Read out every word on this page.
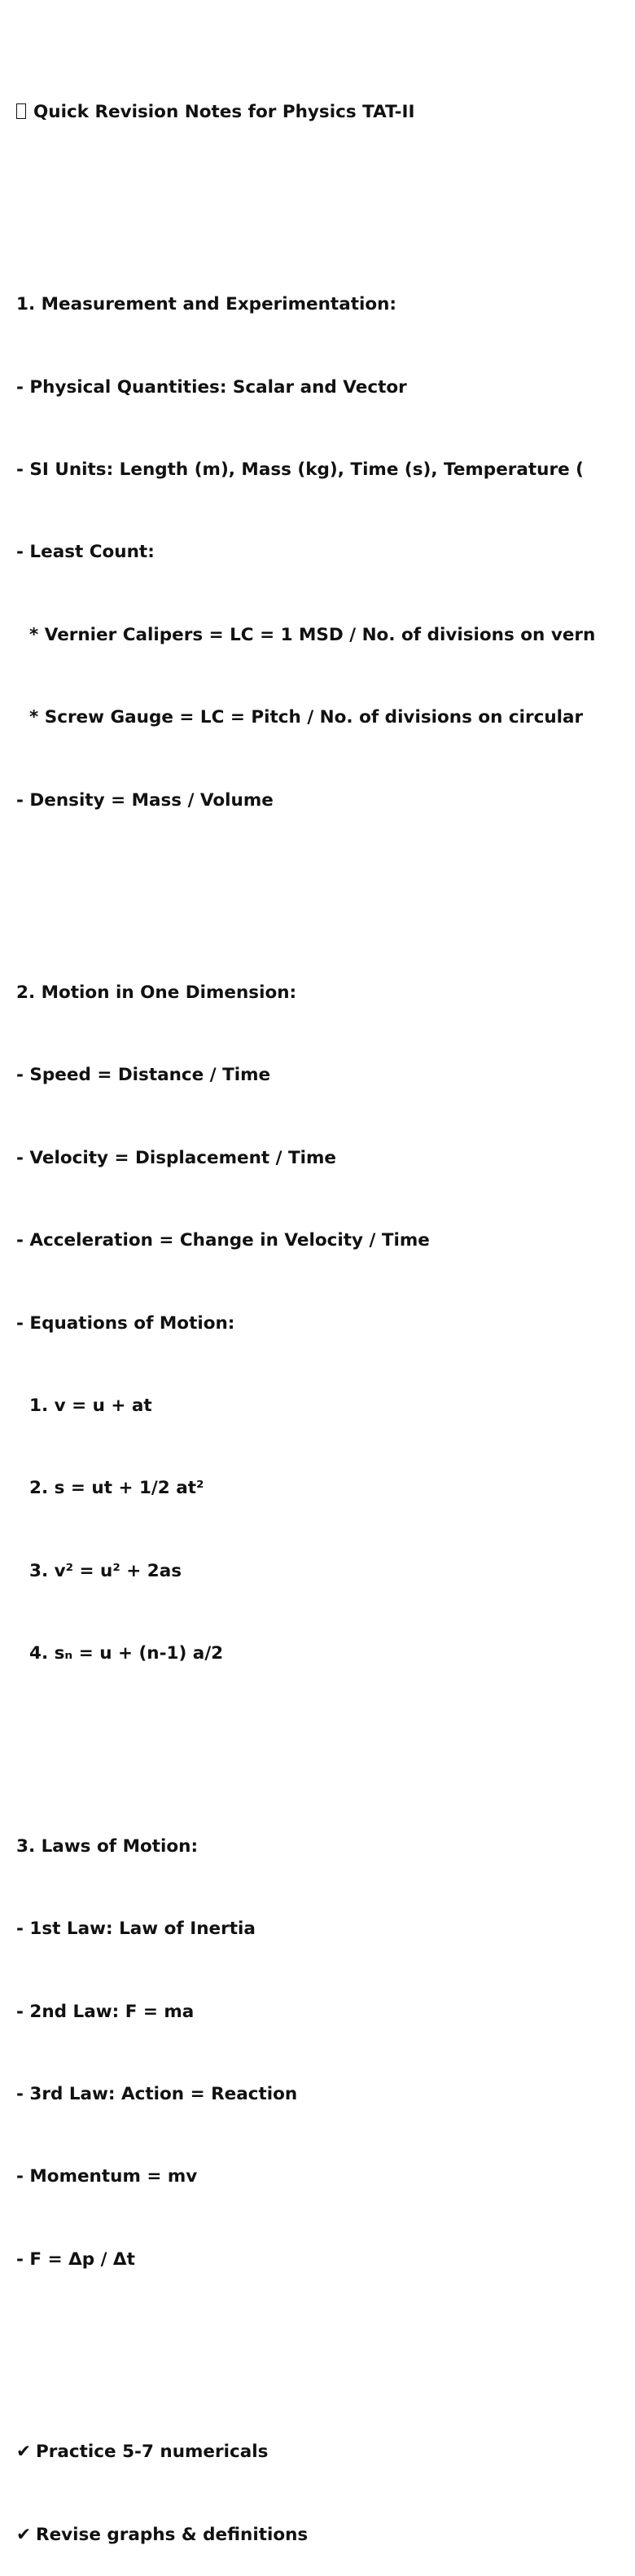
Quick Revision Notes for Physics TAT-II

1. Measurement and Experimentation:

- Physical Quantities: Scalar and Vector

- SI Units: Length (m), Mass (kg), Time (s), Temperature (

- Least Count:

* Vernier Calipers = LC = 1 MSD / No. of divisions on vern

* Screw Gauge = LC = Pitch / No. of divisions on circular

- Density = Mass / Volume

2. Motion in One Dimension:

- Speed = Distance / Time

- Velocity = Displacement / Time

- Acceleration = Change in Velocity / Time

- Equations of Motion:

1. v = u + at

2. s = ut + 1/2 at²

3. v² = u² + 2as

4. sₙ = u + (n-1) a/2

3. Laws of Motion:

- 1st Law: Law of Inertia

- 2nd Law: F = ma

- 3rd Law: Action = Reaction

- Momentum = mv

- F = Δp / Δt

✔ Practice 5-7 numericals

✔ Revise graphs & definitions
